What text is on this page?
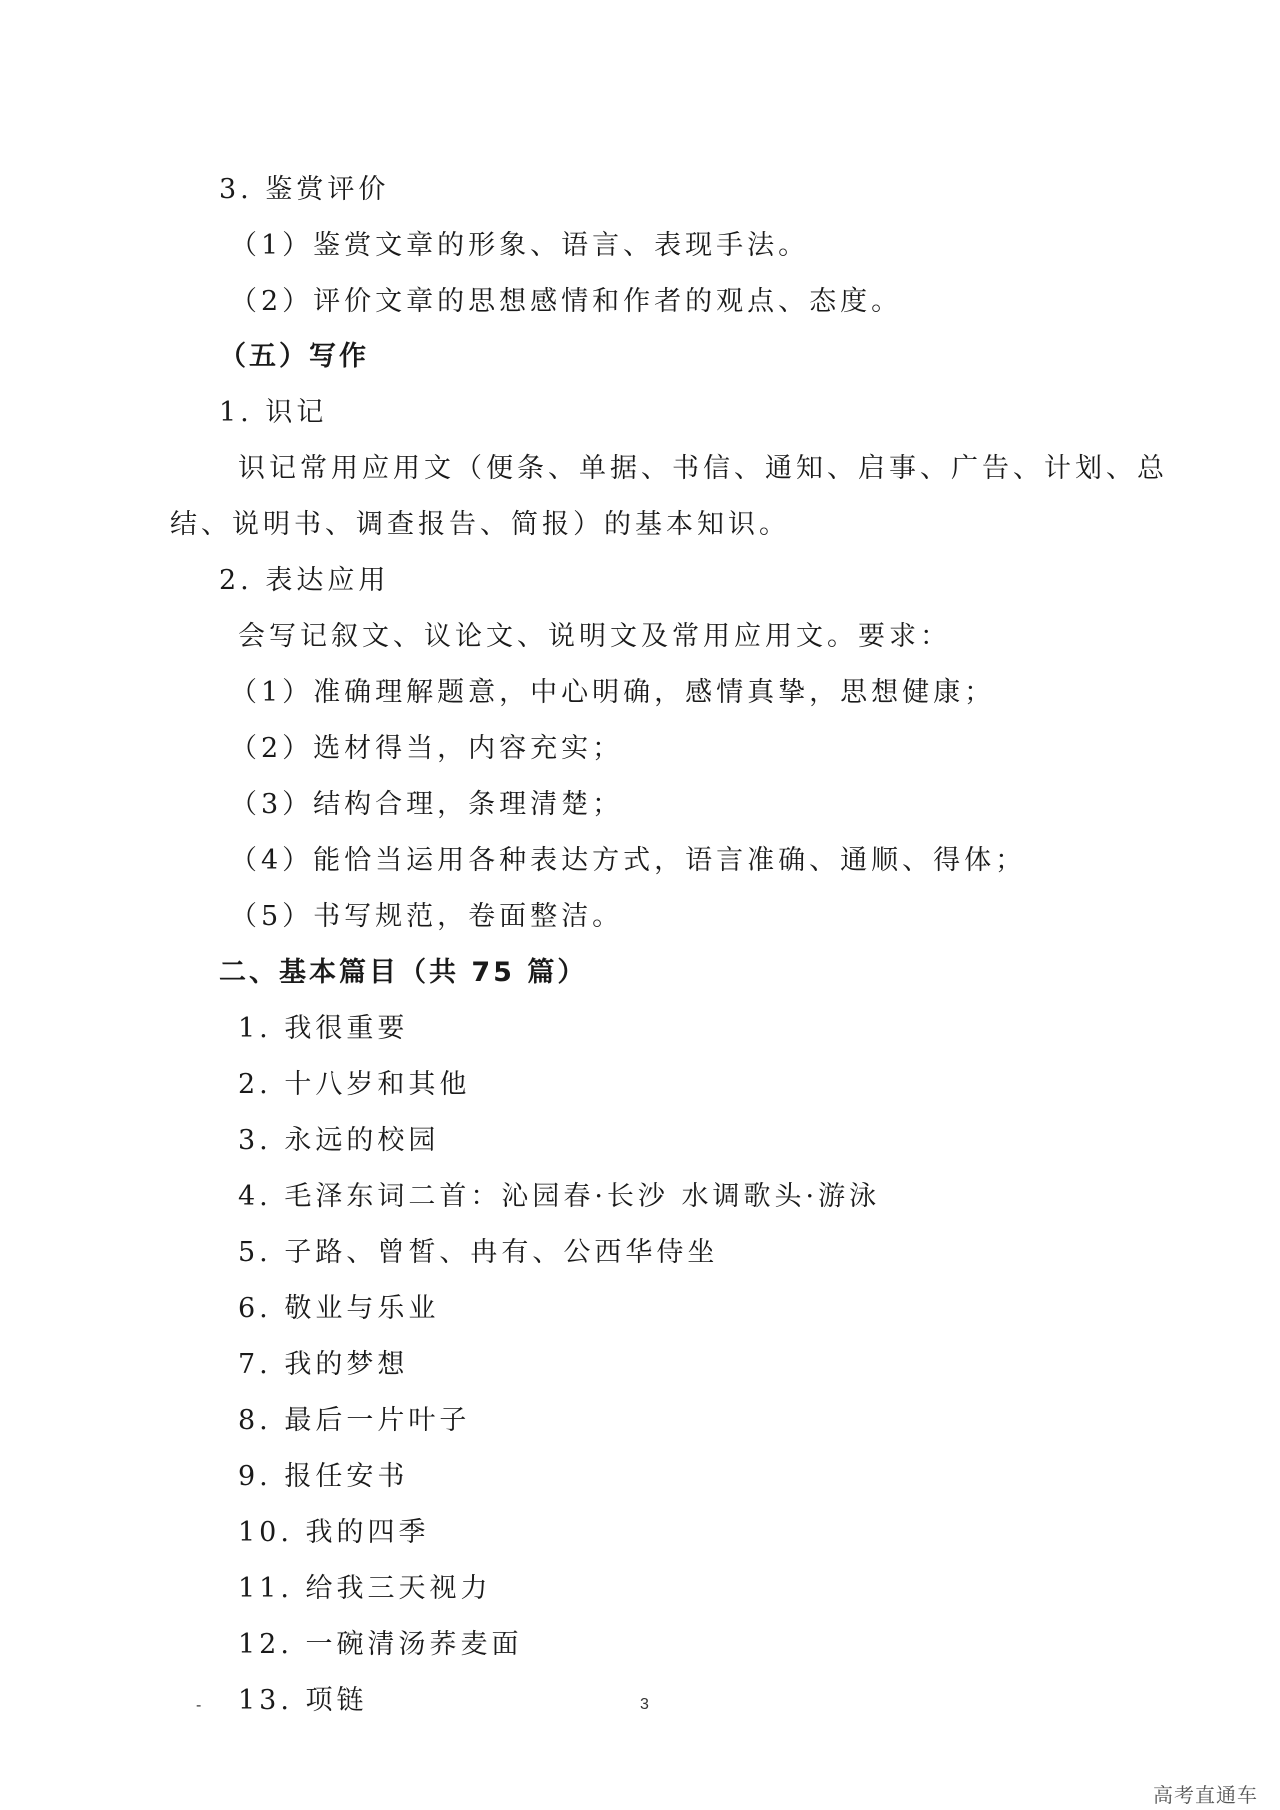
3. 鉴赏评价
（1）鉴赏文章的形象、语言、表现手法。
（2）评价文章的思想感情和作者的观点、态度。
（五）写作
1. 识记
识记常用应用文（便条、单据、书信、通知、启事、广告、计划、总
结、说明书、调查报告、简报）的基本知识。
2. 表达应用
会写记叙文、议论文、说明文及常用应用文。要求：
（1）准确理解题意，中心明确，感情真挚，思想健康；
（2）选材得当，内容充实；
（3）结构合理，条理清楚；
（4）能恰当运用各种表达方式，语言准确、通顺、得体；
（5）书写规范，卷面整洁。
二、基本篇目（共 75 篇）
1. 我很重要
2. 十八岁和其他
3. 永远的校园
4. 毛泽东词二首：沁园春·长沙 水调歌头·游泳
5. 子路、曾皙、冉有、公西华侍坐
6. 敬业与乐业
7. 我的梦想
8. 最后一片叶子
9. 报任安书
10. 我的四季
11. 给我三天视力
12. 一碗清汤荞麦面
13. 项链
-	3
高考直通车
